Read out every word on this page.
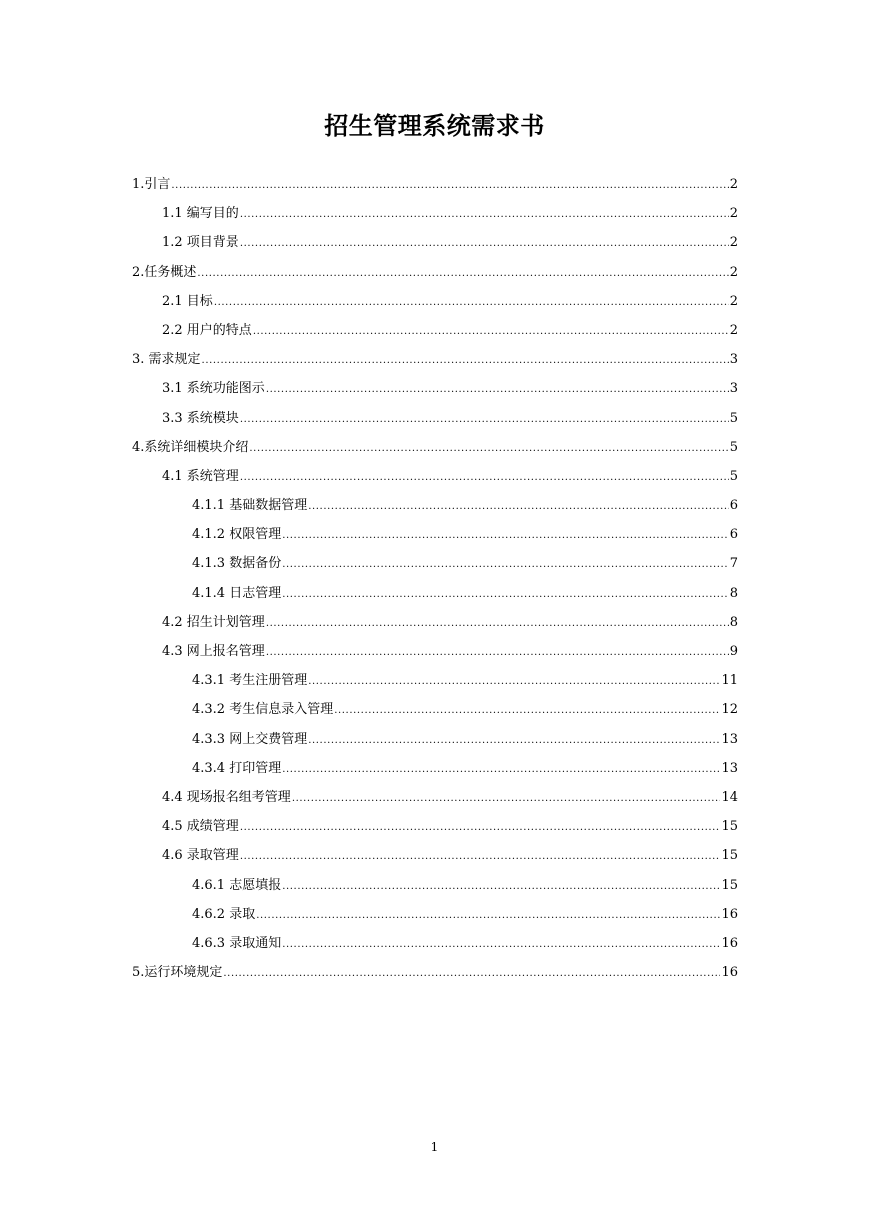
招生管理系统需求书
1.引言 .....	2
1.1 编写目的 .....	2
1.2 项目背景 .....	2
2.任务概述 .....	2
2.1 目标 .....	2
2.2 用户的特点 .....	2
3. 需求规定 .....	3
3.1 系统功能图示 .....	3
3.3 系统模块 .....	5
4.系统详细模块介绍 .....	5
4.1 系统管理 .....	5
4.1.1 基础数据管理 .....	6
4.1.2 权限管理 .....	6
4.1.3 数据备份 .....	7
4.1.4 日志管理 .....	8
4.2 招生计划管理 .....	8
4.3 网上报名管理 .....	9
4.3.1 考生注册管理 .....	11
4.3.2 考生信息录入管理 .....	12
4.3.3 网上交费管理 .....	13
4.3.4 打印管理 .....	13
4.4 现场报名组考管理 .....	14
4.5 成绩管理 .....	15
4.6 录取管理 .....	15
4.6.1 志愿填报 .....	15
4.6.2 录取 .....	16
4.6.3 录取通知 .....	16
5.运行环境规定 .....	16
1
